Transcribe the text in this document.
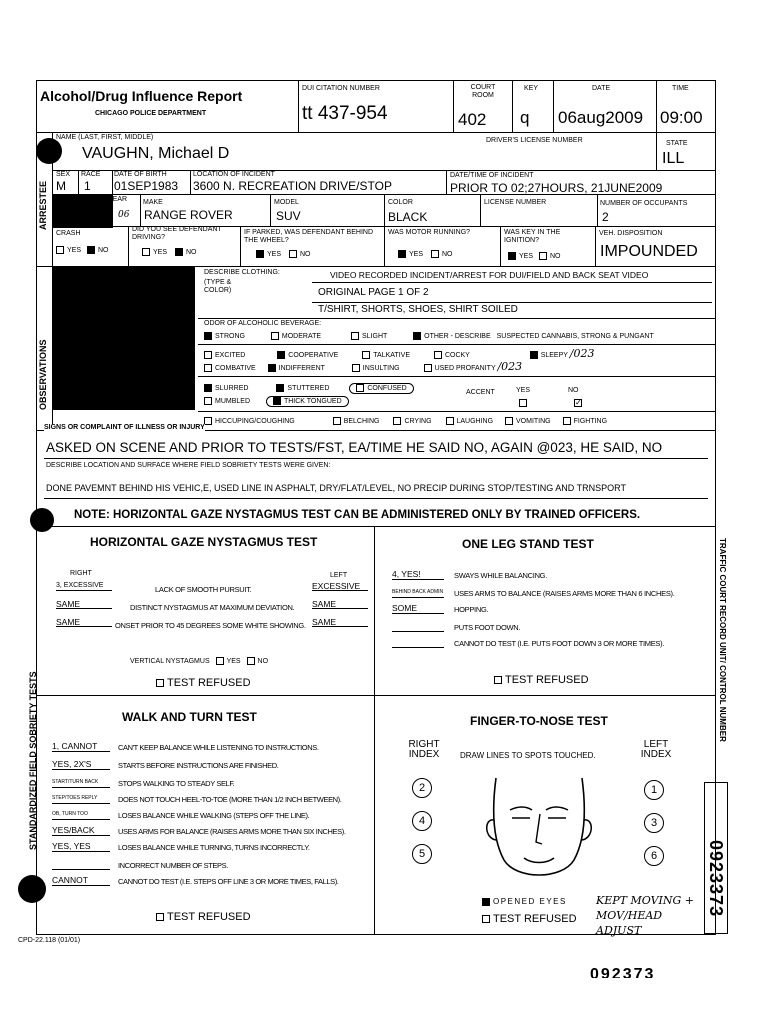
Alcohol/Drug Influence Report
CHICAGO POLICE DEPARTMENT
DUI CITATION NUMBER
tt 437-954
COURT ROOM
402
KEY
q
DATE
06aug2009
TIME
09:00
ARRESTEE
NAME (LAST, FIRST, MIDDLE)
VAUGHN, Michael D
DRIVER'S LICENSE NUMBER	STATE
ILL
SEX
M
RACE
1
DATE OF BIRTH
01SEP1983
LOCATION OF INCIDENT
3600 N. RECREATION DRIVE/STOP
DATE/TIME OF INCIDENT
PRIOR TO 02;27HOURS, 21JUNE2009
YEAR
06
MAKE
RANGE ROVER
MODEL
SUV
COLOR
BLACK
LICENSE NUMBER	NUMBER OF OCCUPANTS
2
CRASH
YES NO
DID YOU SEE DEFENDANT DRIVING?
YES	NO
IF PARKED, WAS DEFENDANT BEHIND THE WHEEL?
YES	NO
WAS MOTOR RUNNING?
YES	NO
WAS KEY IN THE IGNITION?
YES NO
VEH. DISPOSITION
IMPOUNDED
OBSERVATIONS
DESCRIBE CLOTHING:
(TYPE & COLOR)
VIDEO RECORDED INCIDENT/ARREST FOR DUI/FIELD AND BACK SEAT VIDEO
ORIGINAL PAGE 1 OF 2
T/SHIRT, SHORTS, SHOES, SHIRT SOILED
ODOR OF ALCOHOLIC BEVERAGE:
STRONG	MODERATE	SLIGHT	OTHER - DESCRIBE SUSPECTED CANNABIS, STRONG & PUNGANT
EXCITED	COOPERATIVE	TALKATIVE	COCKY	SLEEPY /023
COMBATIVE	INDIFFERENT	INSULTING	USED PROFANITY /023
SLURRED	STUTTERED	CONFUSED
MUMBLED	THICK TONGUED
ACCENT	YES	NO
✓
HICCUPING/COUGHING	BELCHING	CRYING	LAUGHING	VOMITING	FIGHTING
SIGNS OR COMPLAINT OF ILLNESS OR INJURY
ASKED ON SCENE AND PRIOR TO TESTS/FST, EA/TIME HE SAID NO, AGAIN @023, HE SAID, NO
DESCRIBE LOCATION AND SURFACE WHERE FIELD SOBRIETY TESTS WERE GIVEN:
DONE PAVEMNT BEHIND HIS VEHIC,E, USED LINE IN ASPHALT, DRY/FLAT/LEVEL, NO PRECIP DURING STOP/TESTING AND TRNSPORT
NOTE: HORIZONTAL GAZE NYSTAGMUS TEST CAN BE ADMINISTERED ONLY BY TRAINED OFFICERS.
STANDARDIZED FIELD SOBRIETY TESTS
HORIZONTAL GAZE NYSTAGMUS TEST
RIGHT	LEFT
3, EXCESSIVE	LACK OF SMOOTH PURSUIT.	EXCESSIVE
SAME	DISTINCT NYSTAGMUS AT MAXIMUM DEVIATION. SAME
SAME	ONSET PRIOR TO 45 DEGREES SOME WHITE SHOWING. SAME
VERTICAL NYSTAGMUS YES NO
TEST REFUSED
ONE LEG STAND TEST
4, YES!	SWAYS WHILE BALANCING.
BEHIND BACK ADMIN USES ARMS TO BALANCE (RAISES ARMS MORE THAN 6 INCHES).
SOME	HOPPING.
PUTS FOOT DOWN.
CANNOT DO TEST (I.E. PUTS FOOT DOWN 3 OR MORE TIMES).
TEST REFUSED
WALK AND TURN TEST
1, CANNOT	CAN'T KEEP BALANCE WHILE LISTENING TO INSTRUCTIONS.
YES, 2X'S	STARTS BEFORE INSTRUCTIONS ARE FINISHED.
START/TURN BACK	STOPS WALKING TO STEADY SELF.
STEP/TOES REPLY	DOES NOT TOUCH HEEL-TO-TOE (MORE THAN 1/2 INCH BETWEEN).
OB, TURN TOO	LOSES BALANCE WHILE WALKING (STEPS OFF THE LINE).
YES/BACK	USES ARMS FOR BALANCE (RAISES ARMS MORE THAN SIX INCHES).
YES, YES	LOSES BALANCE WHILE TURNING, TURNS INCORRECTLY.
INCORRECT NUMBER OF STEPS.
CANNOT	CANNOT DO TEST (I.E. STEPS OFF LINE 3 OR MORE TIMES, FALLS).
TEST REFUSED
FINGER-TO-NOSE TEST
RIGHT INDEX
LEFT INDEX
DRAW LINES TO SPOTS TOUCHED.
2
4
5
1
3
6
OPENED EYES
TEST REFUSED
KEPT MOVING + MOV/HEAD ADJUST
TRAFFIC COURT RECORD UNIT/ CONTROL NUMBER
0923373
CPD-22.118 (01/01)
092373
